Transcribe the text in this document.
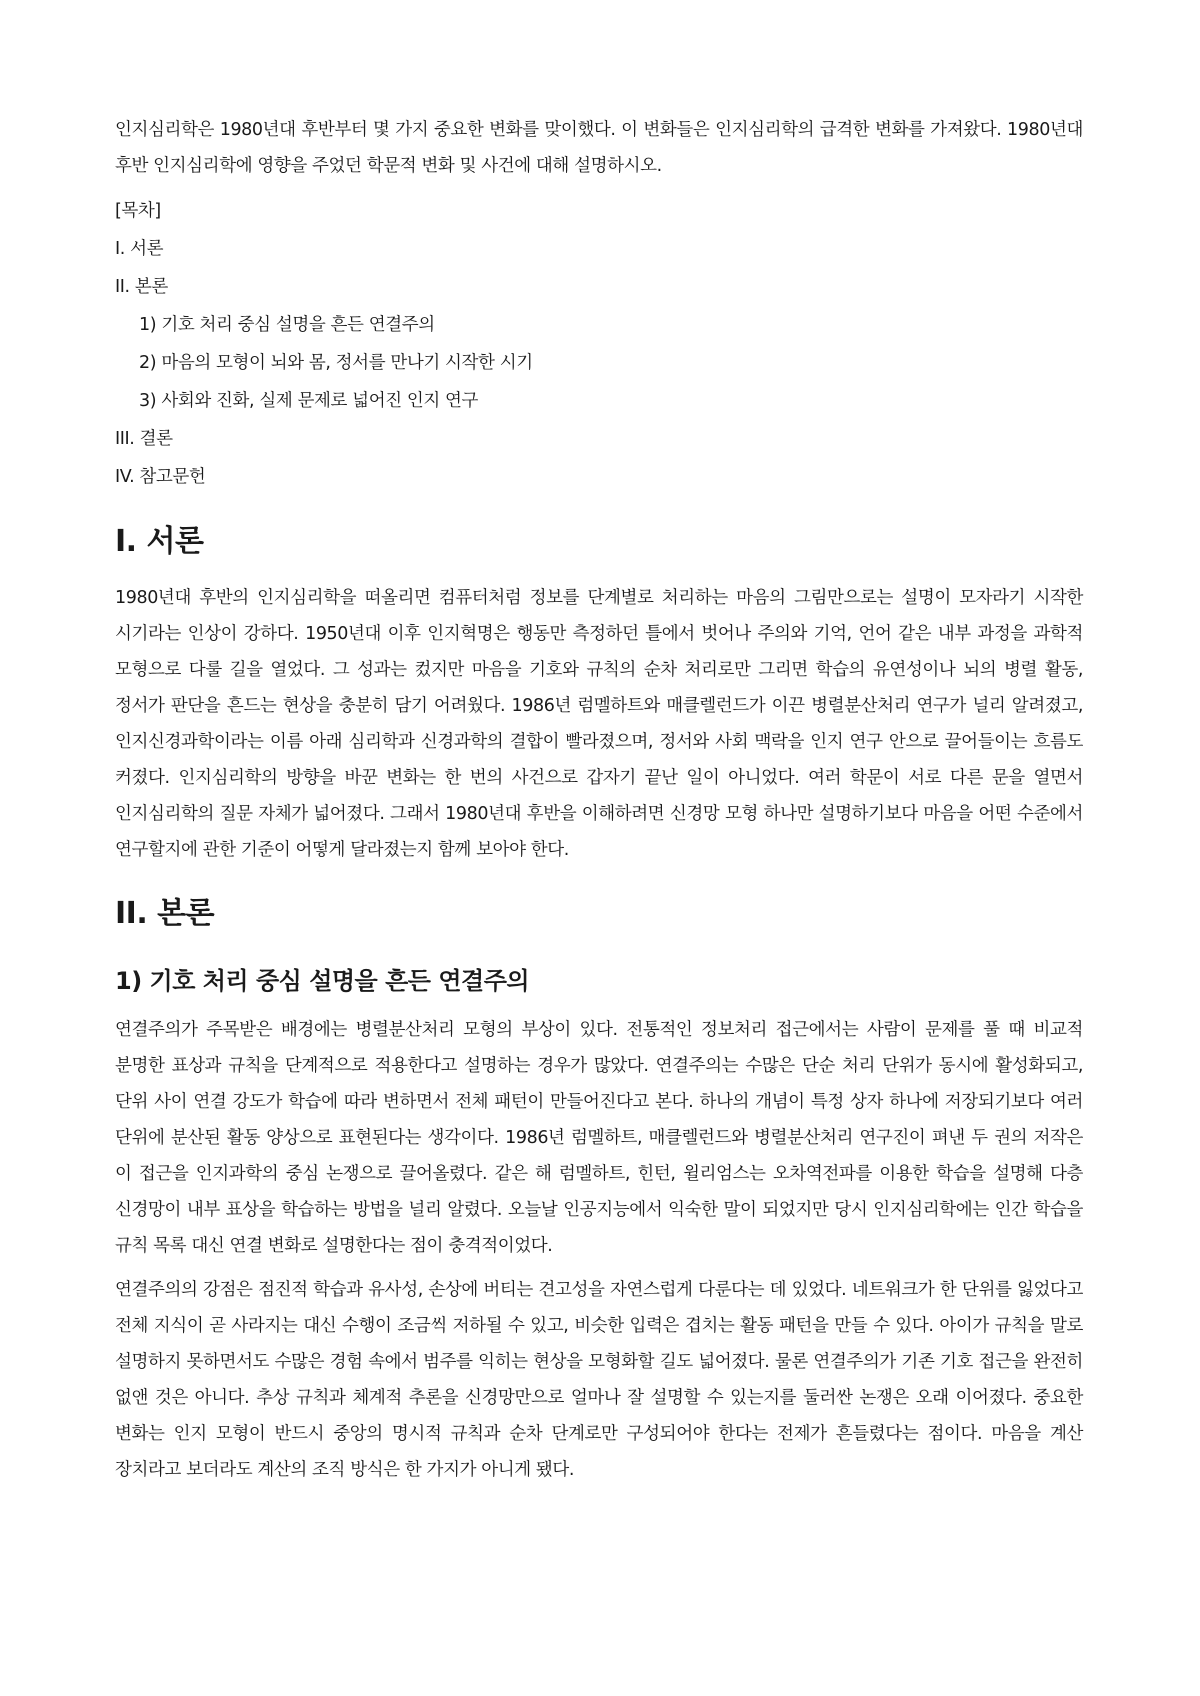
인지심리학은 1980년대 후반부터 몇 가지 중요한 변화를 맞이했다. 이 변화들은 인지심리학의 급격한 변화를 가져왔다. 1980년대 후반 인지심리학에 영향을 주었던 학문적 변화 및 사건에 대해 설명하시오.

[목차]

I. 서론

II. 본론

1) 기호 처리 중심 설명을 흔든 연결주의

2) 마음의 모형이 뇌와 몸, 정서를 만나기 시작한 시기

3) 사회와 진화, 실제 문제로 넓어진 인지 연구

III. 결론

IV. 참고문헌

I. 서론

1980년대 후반의 인지심리학을 떠올리면 컴퓨터처럼 정보를 단계별로 처리하는 마음의 그림만으로는 설명이 모자라기 시작한 시기라는 인상이 강하다. 1950년대 이후 인지혁명은 행동만 측정하던 틀에서 벗어나 주의와 기억, 언어 같은 내부 과정을 과학적 모형으로 다룰 길을 열었다. 그 성과는 컸지만 마음을 기호와 규칙의 순차 처리로만 그리면 학습의 유연성이나 뇌의 병렬 활동, 정서가 판단을 흔드는 현상을 충분히 담기 어려웠다. 1986년 럼멜하트와 매클렐런드가 이끈 병렬분산처리 연구가 널리 알려졌고, 인지신경과학이라는 이름 아래 심리학과 신경과학의 결합이 빨라졌으며, 정서와 사회 맥락을 인지 연구 안으로 끌어들이는 흐름도 커졌다. 인지심리학의 방향을 바꾼 변화는 한 번의 사건으로 갑자기 끝난 일이 아니었다. 여러 학문이 서로 다른 문을 열면서 인지심리학의 질문 자체가 넓어졌다. 그래서 1980년대 후반을 이해하려면 신경망 모형 하나만 설명하기보다 마음을 어떤 수준에서 연구할지에 관한 기준이 어떻게 달라졌는지 함께 보아야 한다.

II. 본론
1) 기호 처리 중심 설명을 흔든 연결주의

연결주의가 주목받은 배경에는 병렬분산처리 모형의 부상이 있다. 전통적인 정보처리 접근에서는 사람이 문제를 풀 때 비교적 분명한 표상과 규칙을 단계적으로 적용한다고 설명하는 경우가 많았다. 연결주의는 수많은 단순 처리 단위가 동시에 활성화되고, 단위 사이 연결 강도가 학습에 따라 변하면서 전체 패턴이 만들어진다고 본다. 하나의 개념이 특정 상자 하나에 저장되기보다 여러 단위에 분산된 활동 양상으로 표현된다는 생각이다. 1986년 럼멜하트, 매클렐런드와 병렬분산처리 연구진이 펴낸 두 권의 저작은 이 접근을 인지과학의 중심 논쟁으로 끌어올렸다. 같은 해 럼멜하트, 힌턴, 윌리엄스는 오차역전파를 이용한 학습을 설명해 다층 신경망이 내부 표상을 학습하는 방법을 널리 알렸다. 오늘날 인공지능에서 익숙한 말이 되었지만 당시 인지심리학에는 인간 학습을 규칙 목록 대신 연결 변화로 설명한다는 점이 충격적이었다.

연결주의의 강점은 점진적 학습과 유사성, 손상에 버티는 견고성을 자연스럽게 다룬다는 데 있었다. 네트워크가 한 단위를 잃었다고 전체 지식이 곧 사라지는 대신 수행이 조금씩 저하될 수 있고, 비슷한 입력은 겹치는 활동 패턴을 만들 수 있다. 아이가 규칙을 말로 설명하지 못하면서도 수많은 경험 속에서 범주를 익히는 현상을 모형화할 길도 넓어졌다. 물론 연결주의가 기존 기호 접근을 완전히 없앤 것은 아니다. 추상 규칙과 체계적 추론을 신경망만으로 얼마나 잘 설명할 수 있는지를 둘러싼 논쟁은 오래 이어졌다. 중요한 변화는 인지 모형이 반드시 중앙의 명시적 규칙과 순차 단계로만 구성되어야 한다는 전제가 흔들렸다는 점이다. 마음을 계산 장치라고 보더라도 계산의 조직 방식은 한 가지가 아니게 됐다.
